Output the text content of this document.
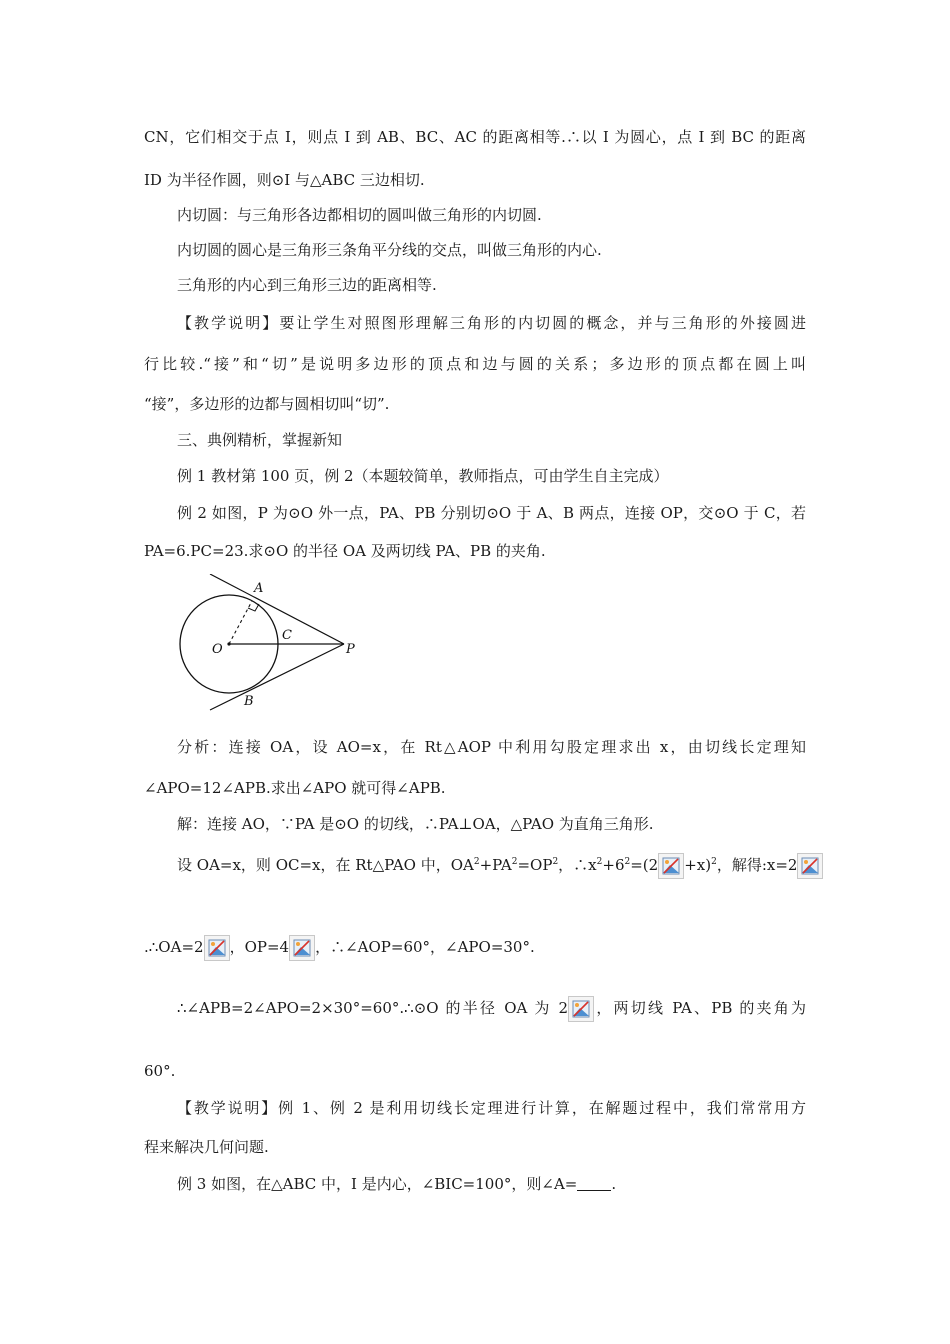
CN，它们相交于点 I，则点 I 到 AB、BC、AC 的距离相等.∴以 I 为圆心，点 I 到 BC 的距离
ID 为半径作圆，则⊙I 与△ABC 三边相切.
内切圆：与三角形各边都相切的圆叫做三角形的内切圆.
内切圆的圆心是三角形三条角平分线的交点，叫做三角形的内心.
三角形的内心到三角形三边的距离相等.
【教学说明】要让学生对照图形理解三角形的内切圆的概念，并与三角形的外接圆进
行比较.“接”和“切”是说明多边形的顶点和边与圆的关系；多边形的顶点都在圆上叫
“接”，多边形的边都与圆相切叫“切”.
三、典例精析，掌握新知
例 1 教材第 100 页，例 2（本题较简单，教师指点，可由学生自主完成）
例 2 如图，P 为⊙O 外一点，PA、PB 分别切⊙O 于 A、B 两点，连接 OP，交⊙O 于 C，若
PA=6.PC=23.求⊙O 的半径 OA 及两切线 PA、PB 的夹角.
A
O
C
P
B
分析：连接 OA，设 AO=x，在 Rt△AOP 中利用勾股定理求出 x，由切线长定理知
∠APO=12∠APB.求出∠APO 就可得∠APB.
解：连接 AO，∵PA 是⊙O 的切线，∴PA⊥OA，△PAO 为直角三角形.
设 OA=x，则 OC=x，在 Rt△PAO 中，$OA^2+PA^2=OP^2$，$\therefore x^2+6^2=(2 +x)^2$，解得:x=2
.∴OA=2 ，OP=4 ，∴∠AOP=60°，∠APO=30°.
∴∠APB=2∠APO=2×30°=60°.∴⊙O 的半径 OA 为 2 ，两切线 PA、PB 的夹角为
60°.
【教学说明】例 1、例 2 是利用切线长定理进行计算，在解题过程中，我们常常用方
程来解决几何问题.
例 3 如图，在△ABC 中，I 是内心，∠BIC=100°，则∠A= .
